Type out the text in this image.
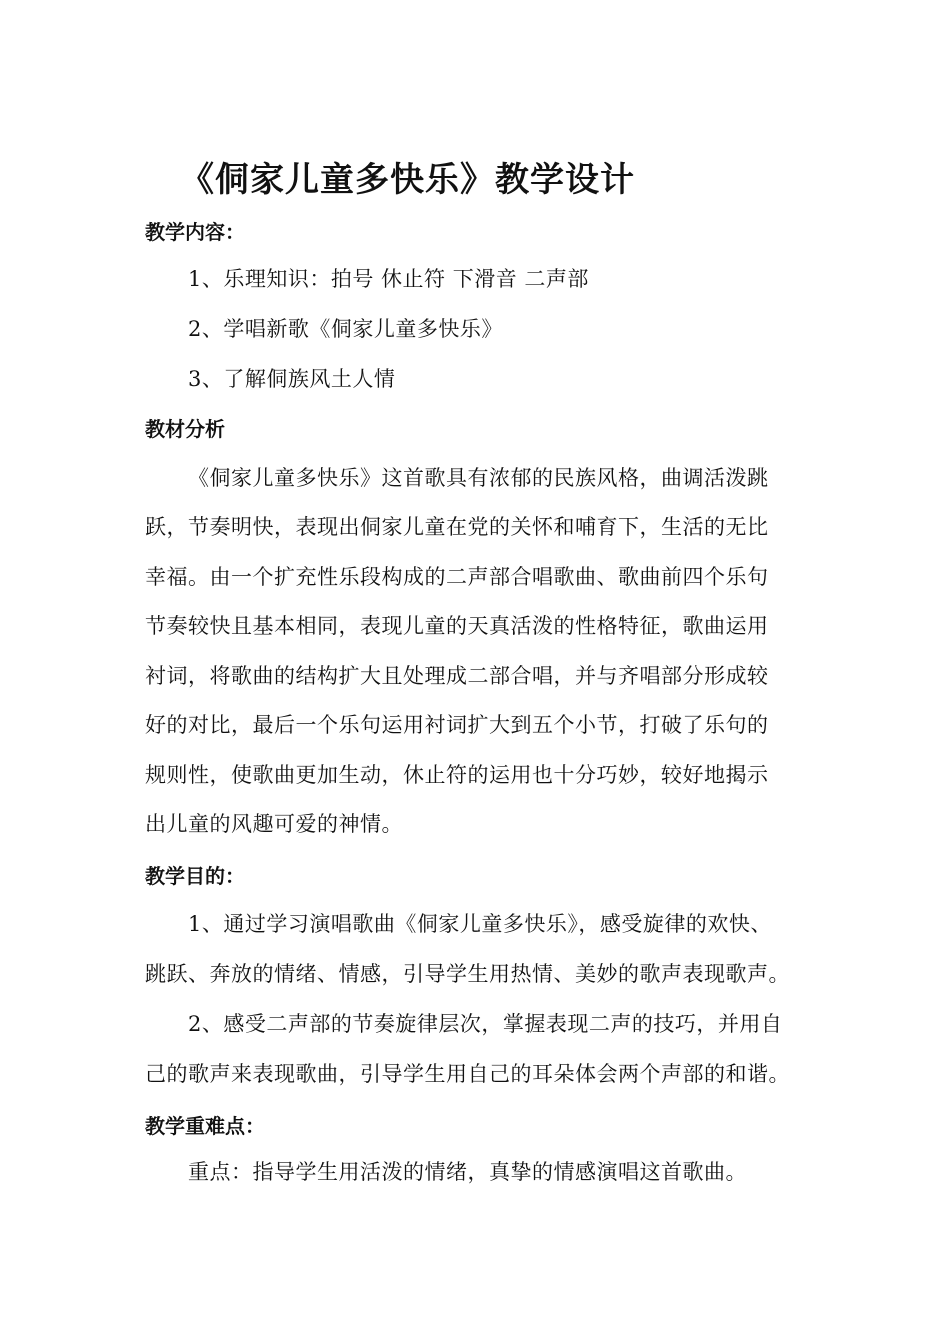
《侗家儿童多快乐》教学设计
教学内容：

1、乐理知识：拍号 休止符 下滑音 二声部

2、学唱新歌《侗家儿童多快乐》

3、了解侗族风土人情

教材分析

《侗家儿童多快乐》这首歌具有浓郁的民族风格，曲调活泼跳

跃，节奏明快，表现出侗家儿童在党的关怀和哺育下，生活的无比

幸福。由一个扩充性乐段构成的二声部合唱歌曲、歌曲前四个乐句

节奏较快且基本相同，表现儿童的天真活泼的性格特征，歌曲运用

衬词，将歌曲的结构扩大且处理成二部合唱，并与齐唱部分形成较

好的对比，最后一个乐句运用衬词扩大到五个小节，打破了乐句的

规则性，使歌曲更加生动，休止符的运用也十分巧妙，较好地揭示

出儿童的风趣可爱的神情。

教学目的：

1、通过学习演唱歌曲《侗家儿童多快乐》，感受旋律的欢快、

跳跃、奔放的情绪、情感，引导学生用热情、美妙的歌声表现歌声。

2、感受二声部的节奏旋律层次，掌握表现二声的技巧，并用自

己的歌声来表现歌曲，引导学生用自己的耳朵体会两个声部的和谐。

教学重难点：

重点：指导学生用活泼的情绪，真挚的情感演唱这首歌曲。
